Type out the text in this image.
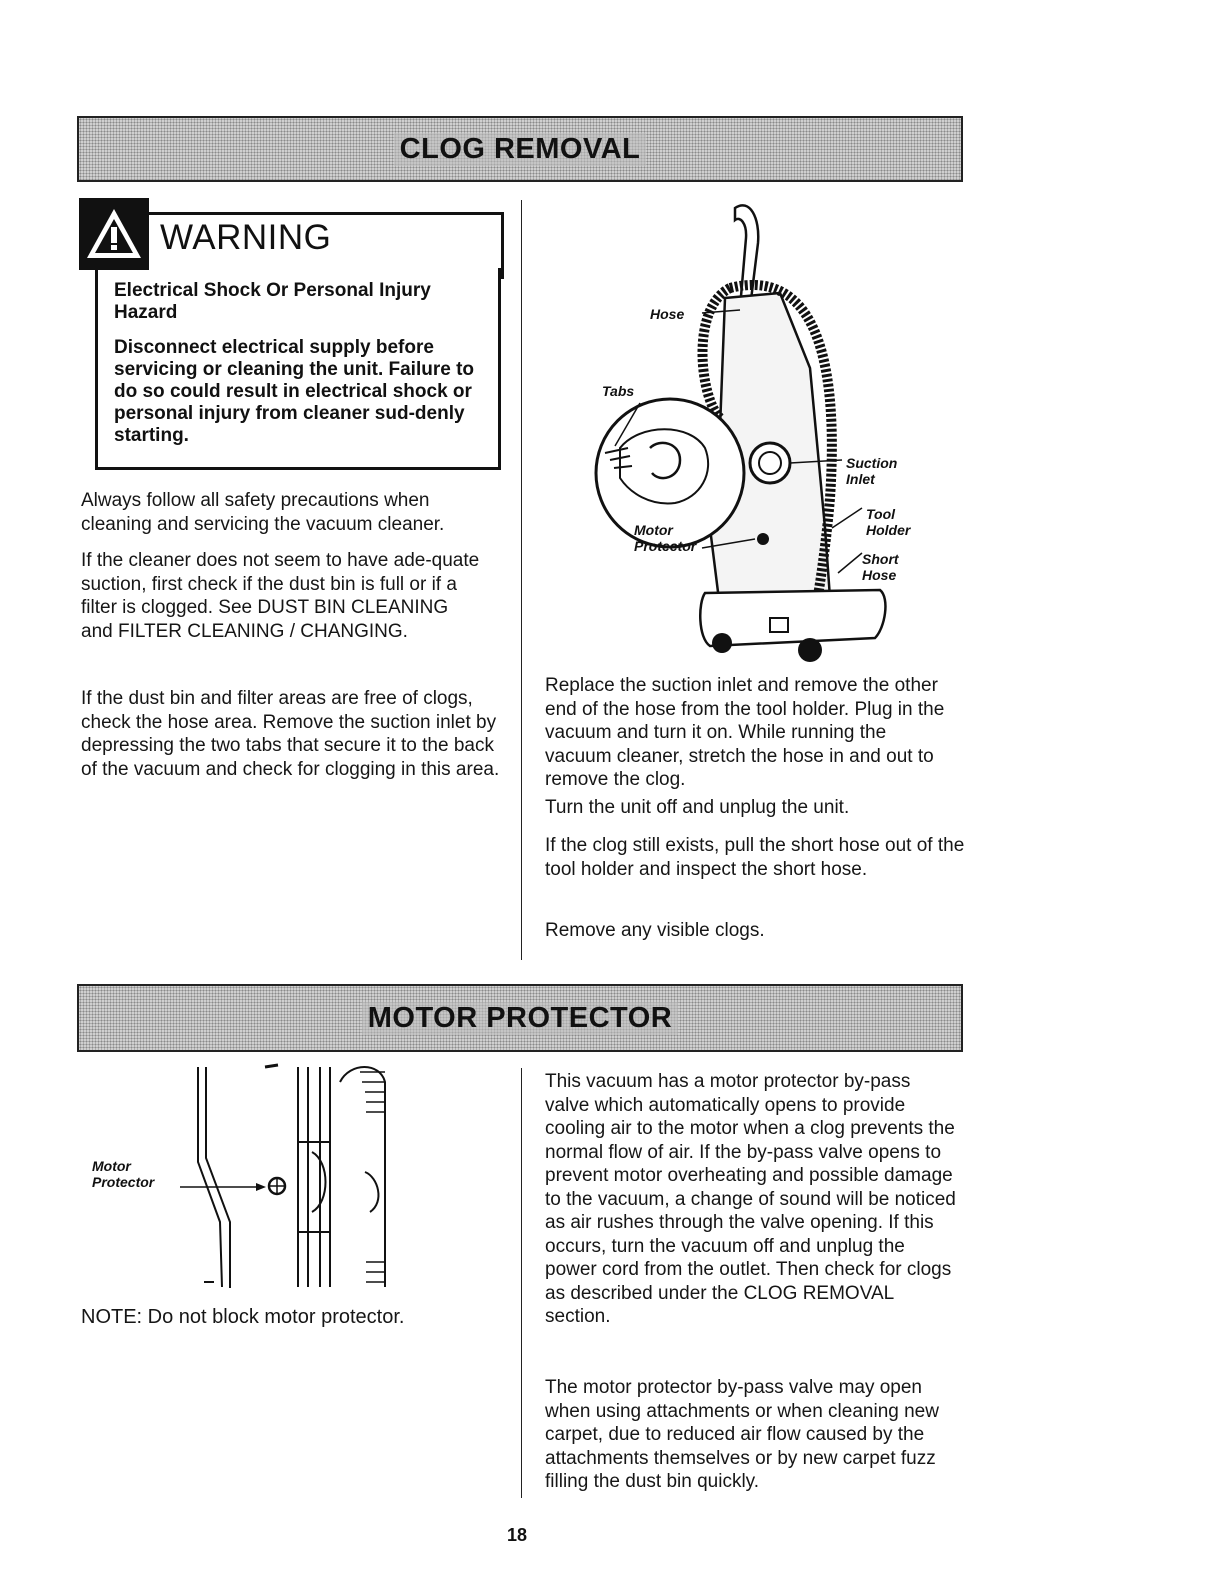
CLOG REMOVAL
WARNING
Electrical Shock Or Personal Injury Hazard
Disconnect electrical supply before servicing or cleaning the unit. Failure to do so could result in electrical shock or personal injury from cleaner sud-denly starting.
Always follow all safety precautions when cleaning and servicing the vacuum cleaner.
If the cleaner does not seem to have ade-quate suction, first check if the dust bin is full or if a filter is clogged. See DUST BIN CLEANING and FILTER CLEANING / CHANGING.
If the dust bin and filter areas are free of clogs, check the hose area. Remove the suction inlet by depressing the two tabs that secure it to the back of the vacuum and check for clogging in this area.
Hose
Tabs
Suction Inlet
Tool Holder
Motor Protector
Short Hose
Replace the suction inlet and remove the other end of the hose from the tool holder. Plug in the vacuum and turn it on. While running the vacuum cleaner, stretch the hose in and out to remove the clog.
Turn the unit off and unplug the unit.
If the clog still exists, pull the short hose out of the tool holder and inspect the short hose.
Remove any visible clogs.
MOTOR PROTECTOR
Motor Protector
NOTE: Do not block motor protector.
This vacuum has a motor protector by-pass valve which automatically opens to provide cooling air to the motor when a clog prevents the normal flow of air. If the by-pass valve opens to prevent motor overheating and possible damage to the vacuum, a change of sound will be noticed as air rushes through the valve opening. If this occurs, turn the vacuum off and unplug the power cord from the outlet. Then check for clogs as described under the CLOG REMOVAL section.
The motor protector by-pass valve may open when using attachments or when cleaning new carpet, due to reduced air flow caused by the attachments themselves or by new carpet fuzz filling the dust bin quickly.
18
